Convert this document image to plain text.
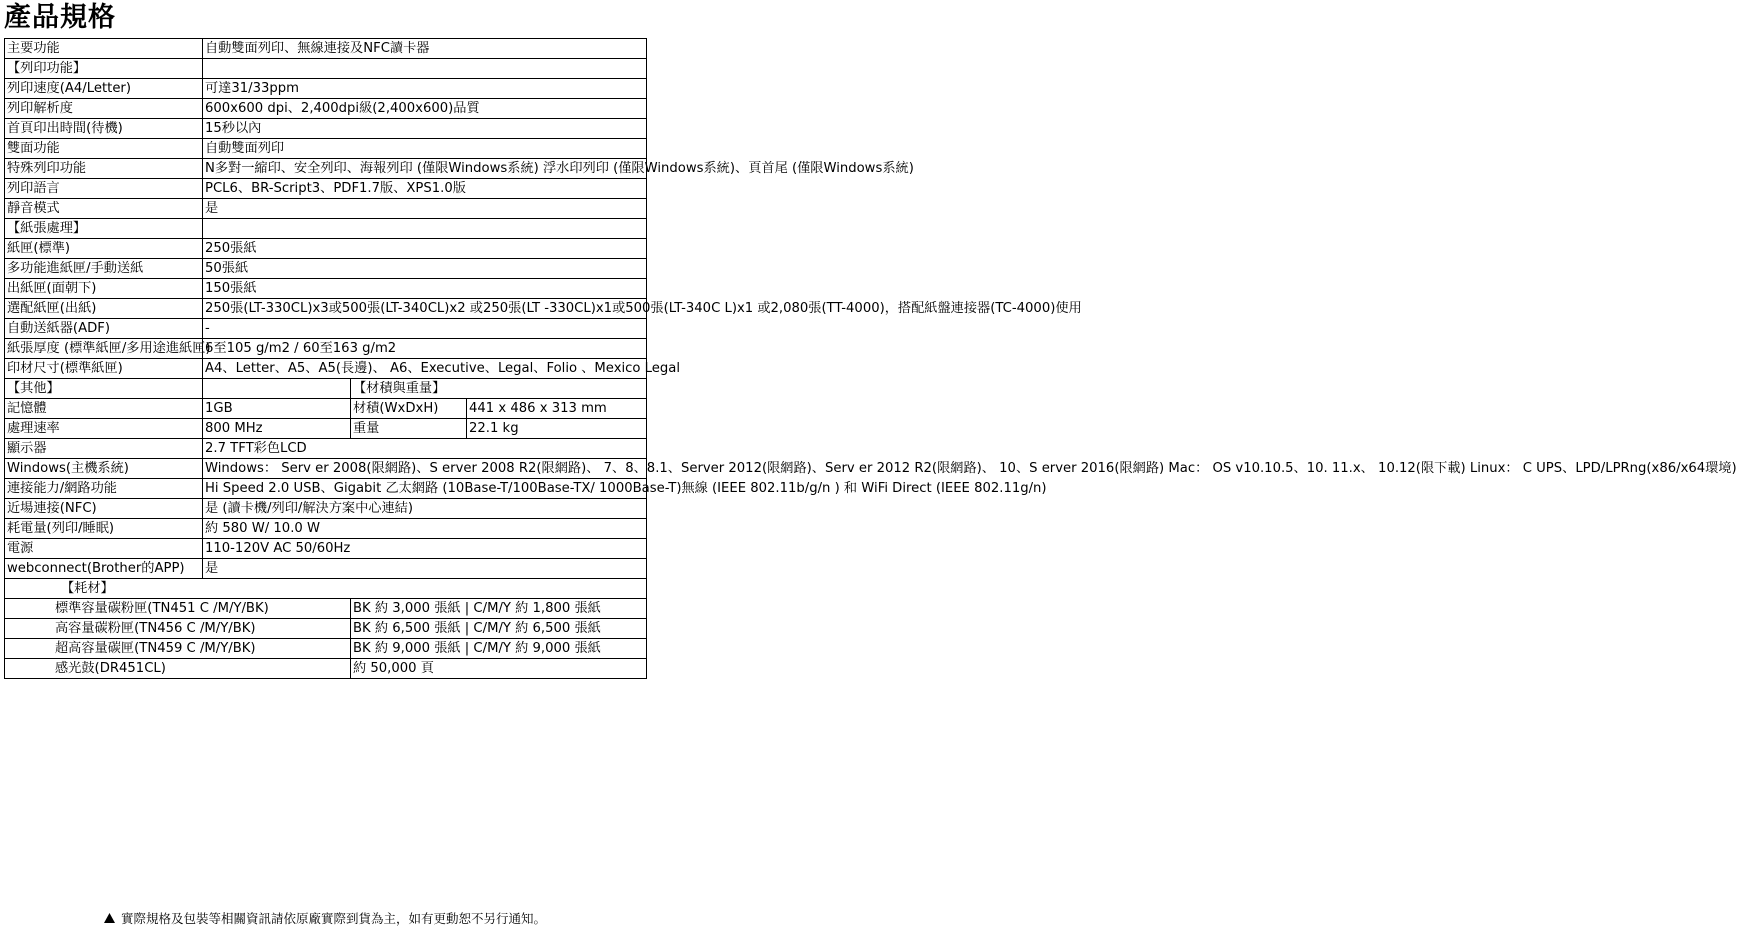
產品規格
主要功能	自動雙面列印、無線連接及NFC讀卡器		
【列印功能】			
列印速度(A4/Letter)	可達31/33ppm		
列印解析度	600x600 dpi、2,400dpi級(2,400x600)品質		
首頁印出時間(待機)	15秒以內		
雙面功能	自動雙面列印		
特殊列印功能	N多對一縮印、安全列印、海報列印 (僅限Windows系統) 浮水印列印 (僅限Windows系統)、頁首尾 (僅限Windows系統)		
列印語言	PCL6、BR-Script3、PDF1.7版、XPS1.0版		
靜音模式	是		
【紙張處理】			
紙匣(標準)	250張紙		
多功能進紙匣/手動送紙	50張紙		
出紙匣(面朝下)	150張紙		
選配紙匣(出紙)	250張(LT-330CL)x3或500張(LT-340CL)x2 或250張(LT -330CL)x1或500張(LT-340C L)x1 或2,080張(TT-4000)，搭配紙盤連接器(TC-4000)使用		
自動送紙器(ADF)	-		
紙張厚度 (標準紙匣/多用途進紙匣)	6至105 g/m2 / 60至163 g/m2		
印材尺寸(標準紙匣)	A4、Letter、A5、A5(長邊)、 A6、Executive、Legal、Folio 、Mexico Legal		
【其他】		【材積與重量】	
記憶體	1GB	材積(WxDxH)	441 x 486 x 313 mm
處理速率	800 MHz	重量	22.1 kg
顯示器	2.7 TFT彩色LCD		
Windows(主機系統)	Windows： Serv er 2008(限網路)、S erver 2008 R2(限網路)、 7、8、8.1、Server 2012(限網路)、Serv er 2012 R2(限網路)、 10、S erver 2016(限網路) Mac： OS v10.10.5、10. 11.x、 10.12(限下載) Linux： C UPS、LPD/LPRng(x86/x64環境)		
連接能力/網路功能	Hi Speed 2.0 USB、Gigabit 乙太網路 (10Base-T/100Base-TX/ 1000Base-T)無線 (IEEE 802.11b/g/n ) 和 WiFi Direct (IEEE 802.11g/n)		
近場連接(NFC)	是 (讀卡機/列印/解決方案中心連結)		
耗電量(列印/睡眠)	約 580 W/ 10.0 W		
電源	110-120V AC 50/60Hz		
webconnect(Brother的APP)	是		
【耗材】			
標準容量碳粉匣(TN451 C /M/Y/BK)		BK 約 3,000 張紙 | C/M/Y 約 1,800 張紙	
高容量碳粉匣(TN456 C /M/Y/BK)		BK 約 6,500 張紙 | C/M/Y 約 6,500 張紙	
超高容量碳匣(TN459 C /M/Y/BK)		BK 約 9,000 張紙 | C/M/Y 約 9,000 張紙	
感光鼓(DR451CL)		約 50,000 頁	
實際規格及包裝等相關資訊請依原廠實際到貨為主，如有更動恕不另行通知。
